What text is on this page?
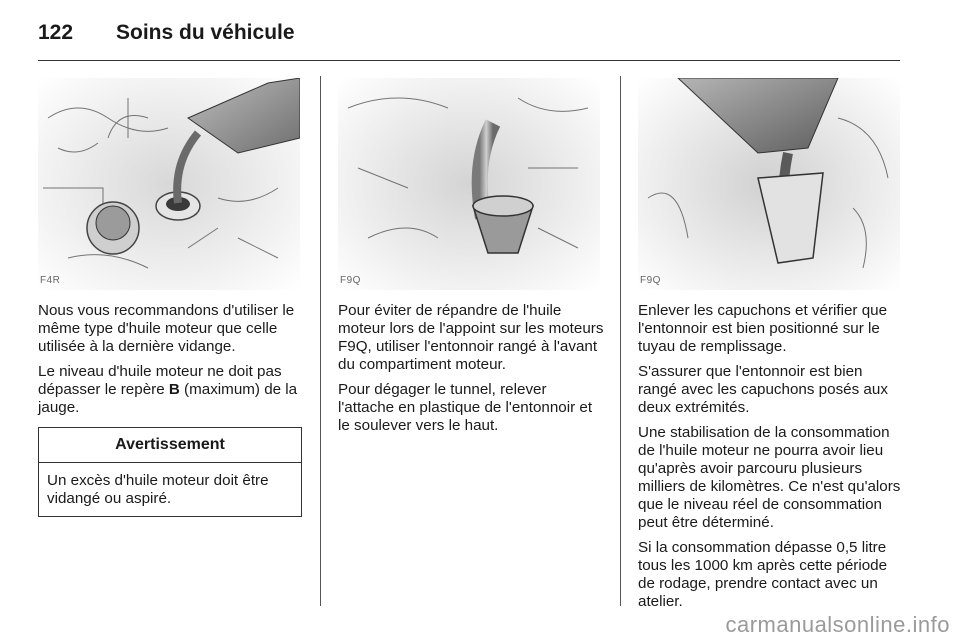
122	Soins du véhicule
F4R	F9Q	F9Q

Nous vous recommandons d'utiliser le même type d'huile moteur que celle utilisée à la dernière vidange.

Le niveau d'huile moteur ne doit pas dépasser le repère B (maximum) de la jauge.

Avertissement
Un excès d'huile moteur doit être vidangé ou aspiré.

Pour éviter de répandre de l'huile moteur lors de l'appoint sur les moteurs F9Q, utiliser l'entonnoir rangé à l'avant du compartiment moteur.

Pour dégager le tunnel, relever l'attache en plastique de l'entonnoir et le soulever vers le haut.

Enlever les capuchons et vérifier que l'entonnoir est bien positionné sur le tuyau de remplissage.

S'assurer que l'entonnoir est bien rangé avec les capuchons posés aux deux extrémités.

Une stabilisation de la consommation de l'huile moteur ne pourra avoir lieu qu'après avoir parcouru plusieurs milliers de kilomètres. Ce n'est qu'alors que le niveau réel de consommation peut être déterminé.

Si la consommation dépasse 0,5 litre tous les 1000 km après cette période de rodage, prendre contact avec un atelier.

carmanualsonline.info
